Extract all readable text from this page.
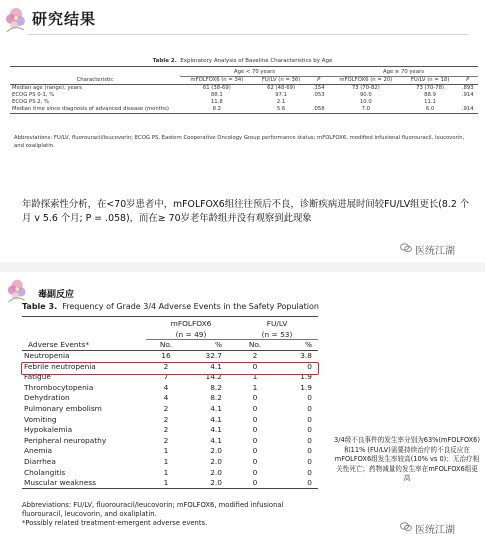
研究结果
Table 2. Exploratory Analysis of Baseline Characteristics by Age

	Age < 70 years			Age ≥ 70 years		
Characteristic	mFOLFOX6 (n = 34)	FU/LV (n = 36)	P	mFOLFOX6 (n = 20)	FU/LV (n = 18)	P
Median age (range), years	61 (38-69)	62 (48-69)	.154	73 (70-82)	73 (70-78)	.893
ECOG PS 0-1, %	88.1	97.1	.053	90.0	88.9	.914
ECOG PS 2, %	11.8	2.1		10.0	11.1	
Median time since diagnosis of advanced disease (months)	8.2	5.6	.058	7.0	6.0	.914
Abbreviations: FU/LV, fluorouracil/leucovorin; ECOG PS, Eastern Cooperative Oncology Group performance status; mFOLFOX6, modified infusional fluorouracil, leucovorin, and oxaliplatin.
年龄探索性分析，在<70岁患者中，mFOLFOX6组往往预后不良，诊断疾病进展时间较FU/LV组更长(8.2 个月 v 5.6 个月; P = .058)，而在≥ 70岁老年龄组并没有观察到此现象
医统江湖
毒副反应
Table 3. Frequency of Grade 3/4 Adverse Events in the Safety Population

	mFOLFOX6		FU/LV	
	(n = 49)		(n = 53)	
Adverse Events*	No.	%	No.	%
Neutropenia	16	32.7	2	3.8
Febrile neutropenia	2	4.1	0	0
Fatigue	7	14.2	1	1.9
Thrombocytopenia	4	8.2	1	1.9
Dehydration	4	8.2	0	0
Pulmonary embolism	2	4.1	0	0
Vomiting	2	4.1	0	0
Hypokalemia	2	4.1	0	0
Peripheral neuropathy	2	4.1	0	0
Anemia	1	2.0	0	0
Diarrhea	1	2.0	0	0
Cholangitis	1	2.0	0	0
Muscular weakness	1	2.0	0	0
Abbreviations: FU/LV, fluorouracil/leucovorin; mFOLFOX6, modified infusional fluorouracil, leucovorin, and oxaliplatin.
*Possibly related treatment-emergent adverse events.
3/4级不良事件的发生率分别为63%(mFOLFOX6)和11% (FU/LV)需要持续治疗的不良反应在mFOLFOX6组发生率较高(10% vs 0)；无治疗相关性死亡；药物减量的发生率在mFOLFOX6组更高
医统江湖
